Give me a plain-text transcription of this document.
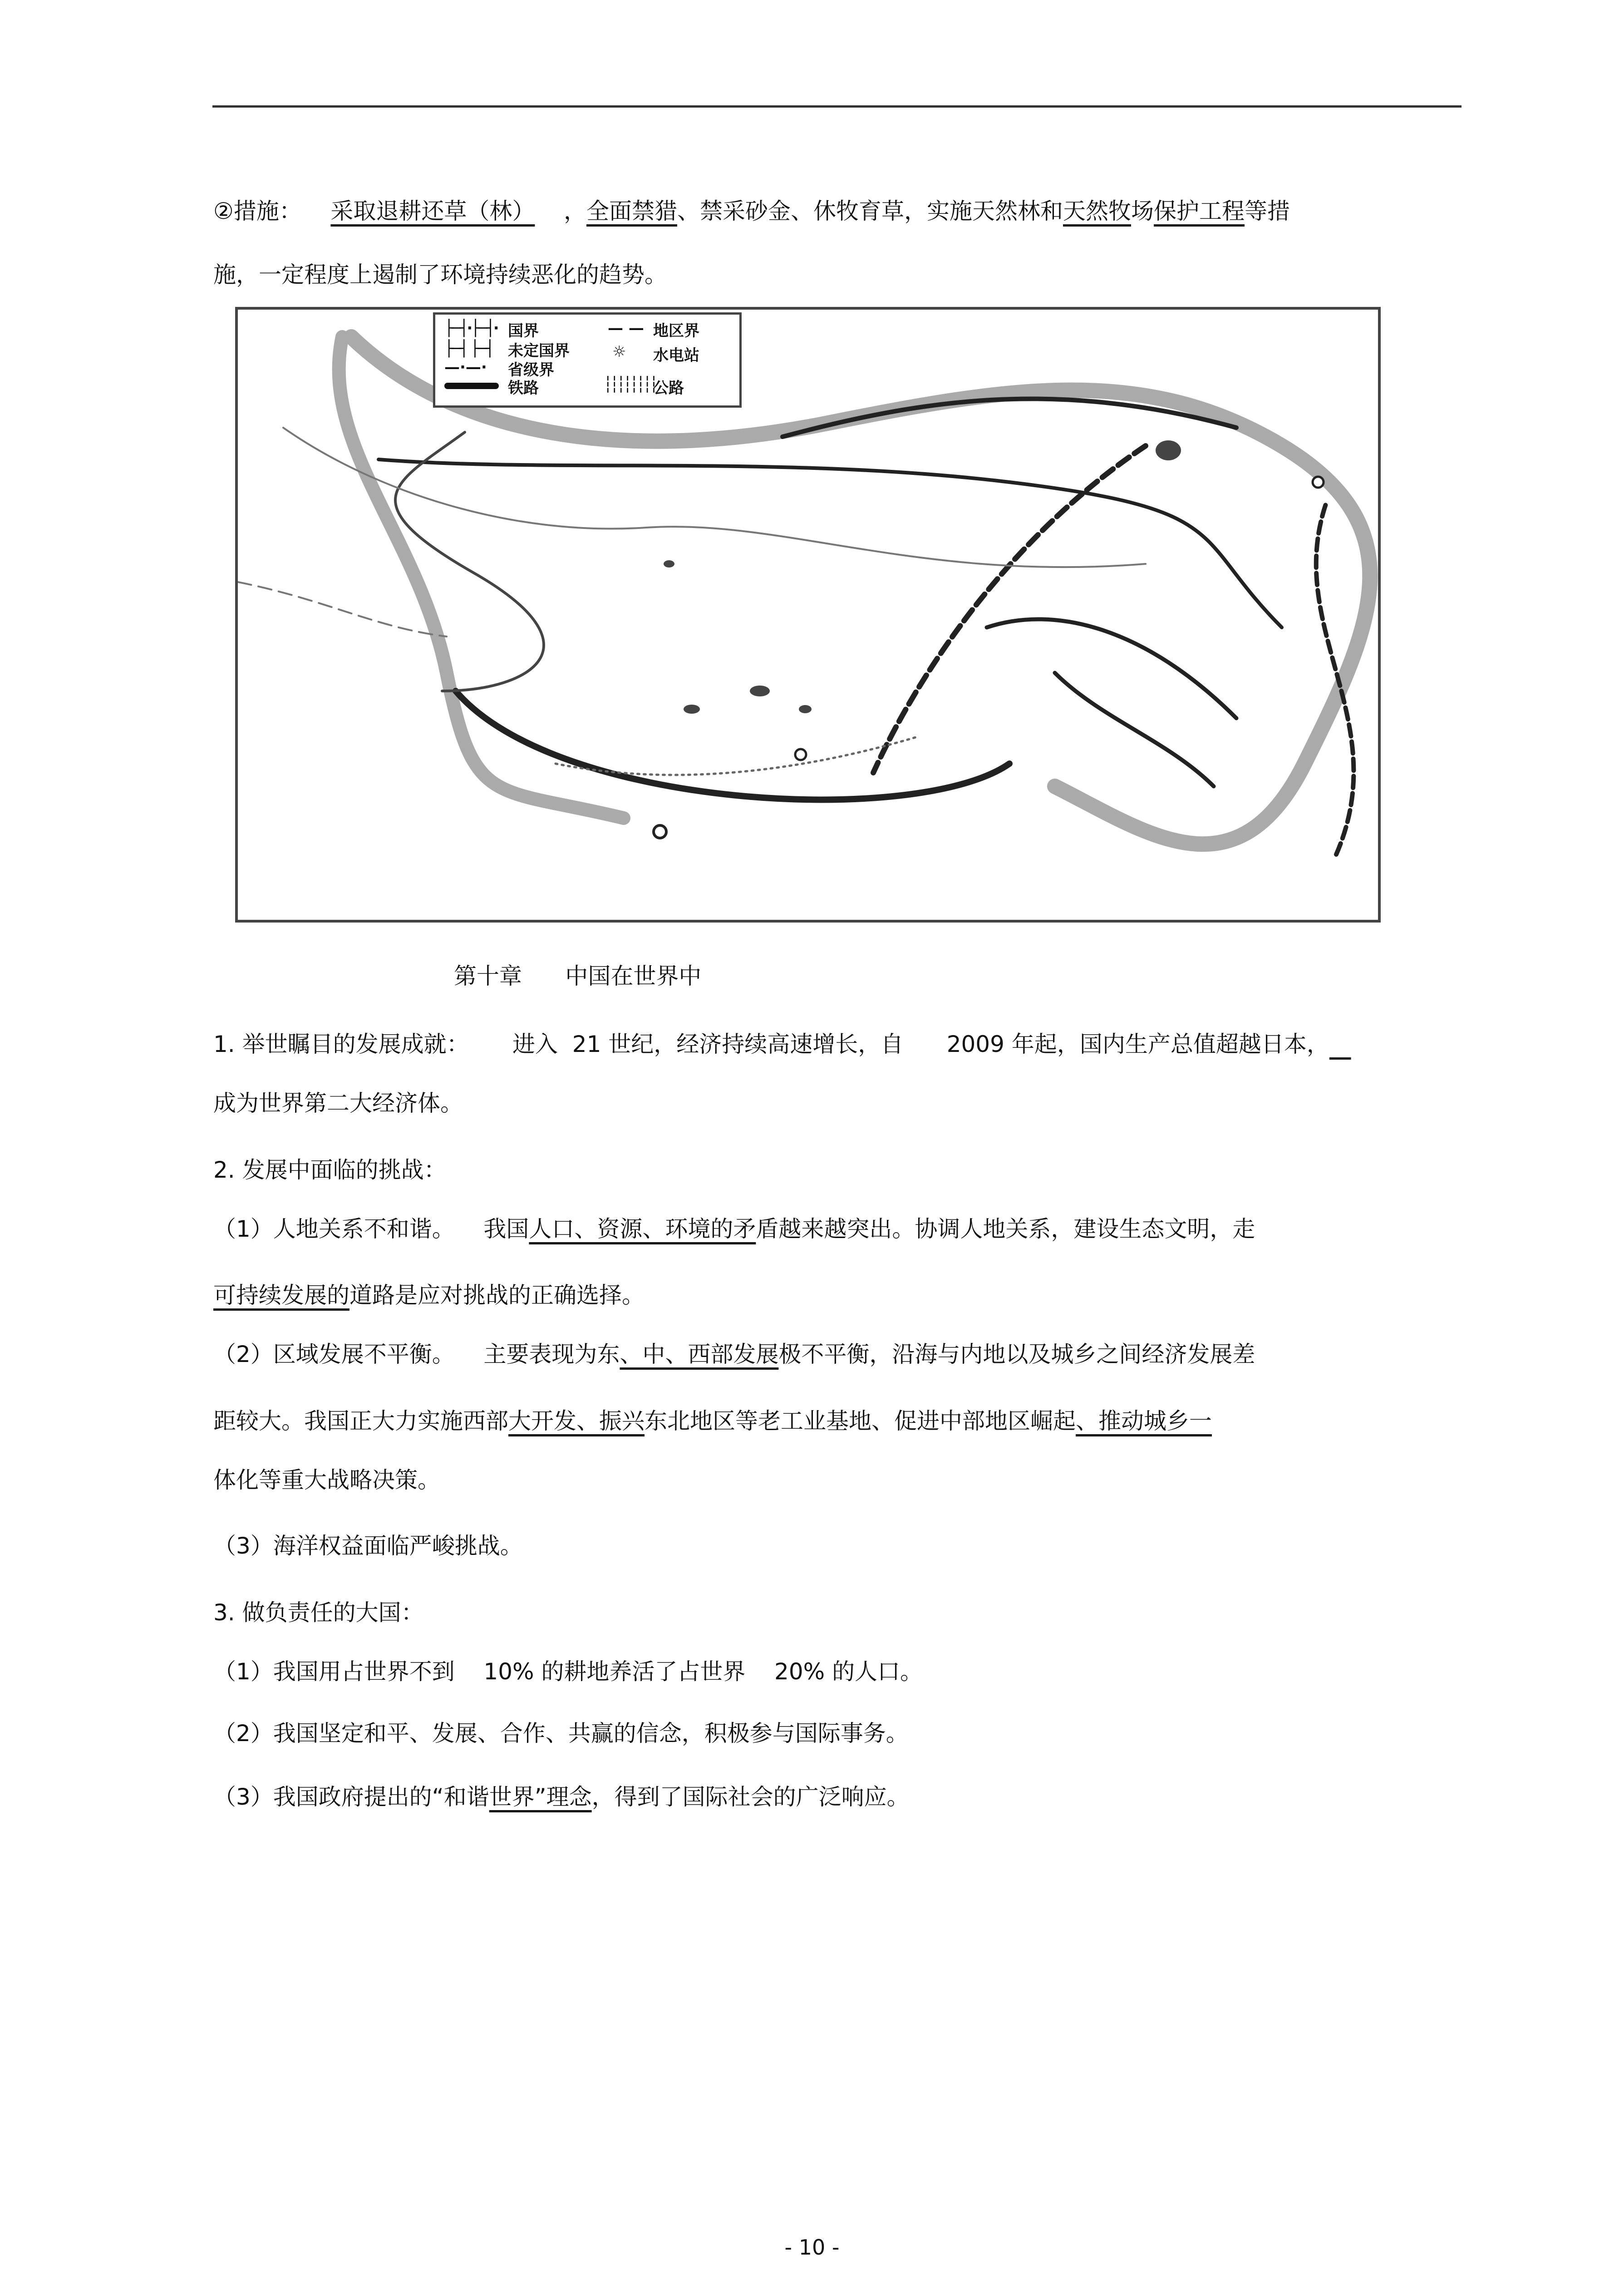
②措施： 采取退耕还草（林） ，全面禁猎、禁采砂金、休牧育草，实施天然林和天然牧场保护工程等措
施，一定程度上遏制了环境持续恶化的趋势。
├─┤·├─┤· 国界
├─┤ ├─┤ 未定国界
—·—· 省级界
铁路
— — 地区界
☼ 水电站
┆┆┆┆┆┆┆┆
公路
第十章 中国在世界中
1. 举世瞩目的发展成就： 进入 21 世纪，经济持续高速增长，自 2009 年起，国内生产总值超越日本，
成为世界第二大经济体。
2. 发展中面临的挑战：
（1）人地关系不和谐。 我国人口、资源、环境的矛盾越来越突出。协调人地关系，建设生态文明，走
可持续发展的道路是应对挑战的正确选择。
（2）区域发展不平衡。 主要表现为东、中、西部发展极不平衡，沿海与内地以及城乡之间经济发展差
距较大。我国正大力实施西部大开发、振兴东北地区等老工业基地、促进中部地区崛起、推动城乡一
体化等重大战略决策。
（3）海洋权益面临严峻挑战。
3. 做负责任的大国：
（1）我国用占世界不到 10% 的耕地养活了占世界 20% 的人口。
（2）我国坚定和平、发展、合作、共赢的信念，积极参与国际事务。
（3）我国政府提出的“和谐世界”理念，得到了国际社会的广泛响应。
- 10 -
